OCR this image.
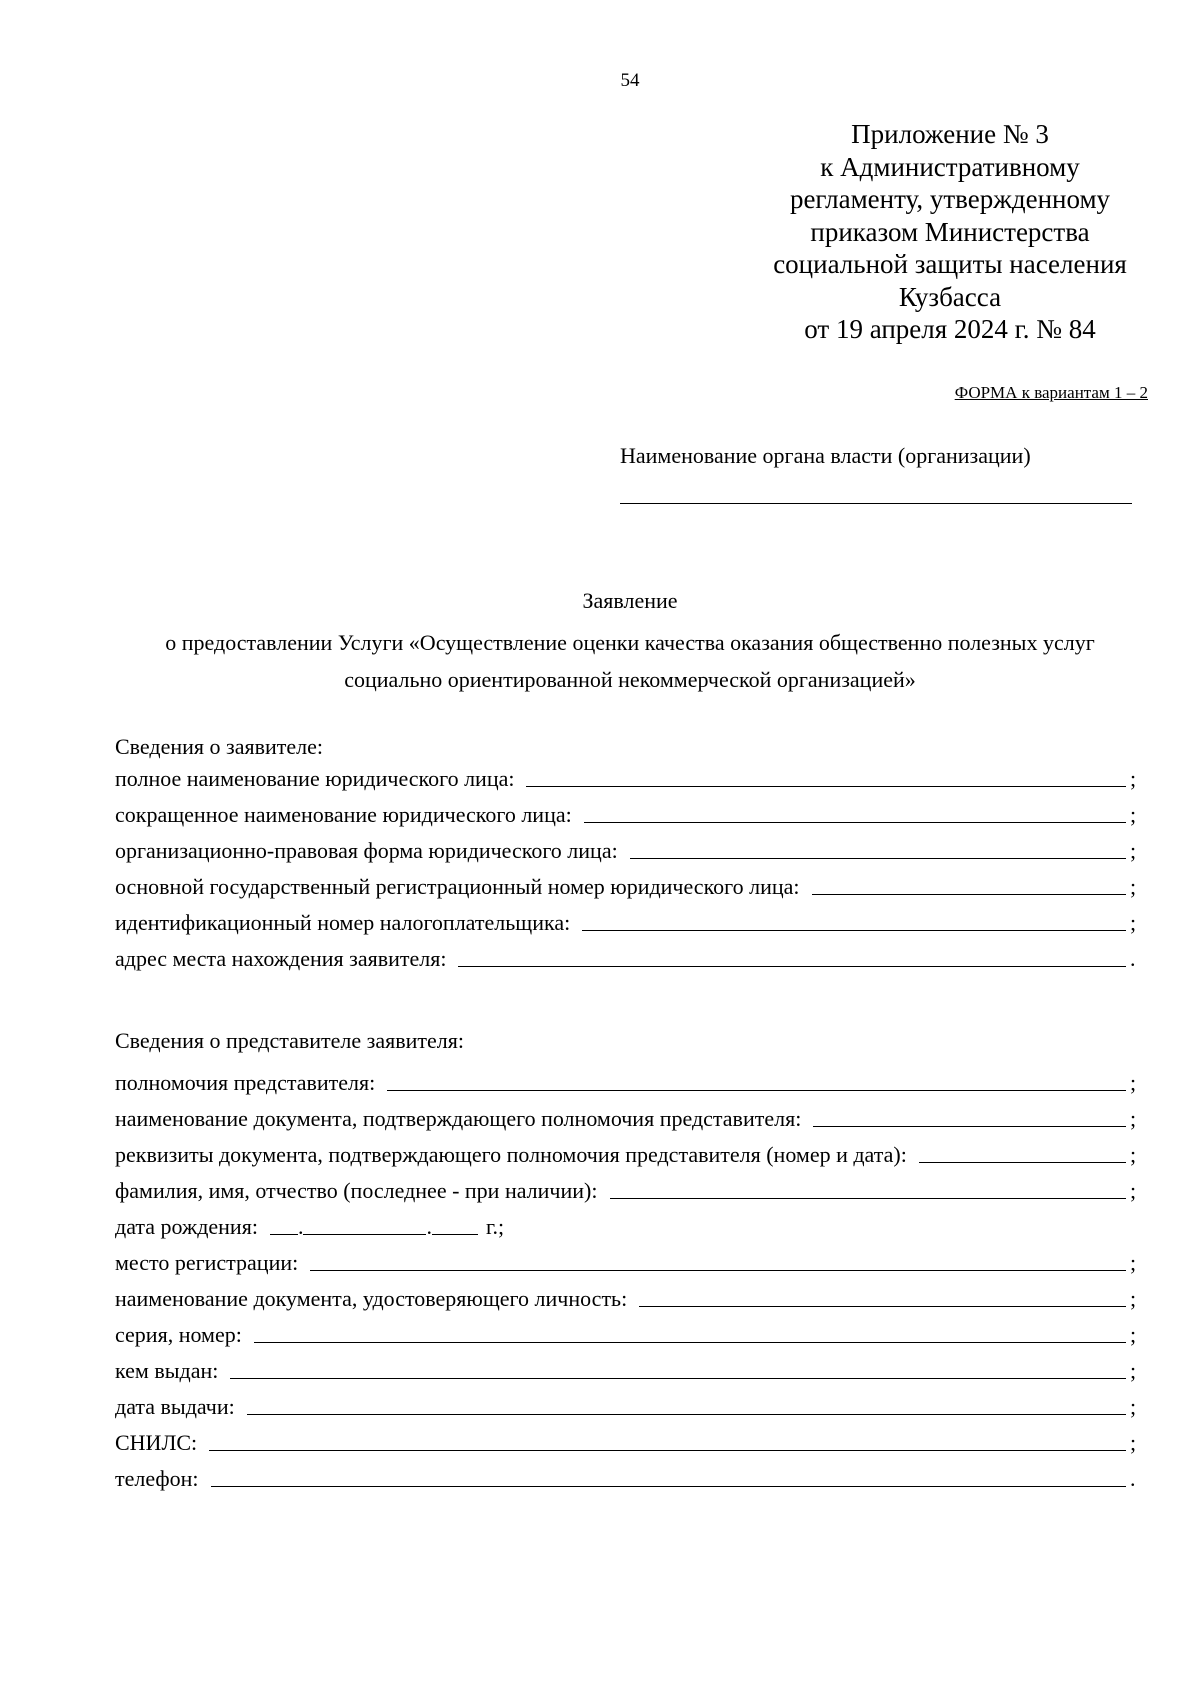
54
Приложение № 3
к Административному
регламенту, утвержденному
приказом Министерства
социальной защиты населения
Кузбасса
от 19 апреля 2024 г. № 84
ФОРМА к вариантам 1 – 2
Наименование органа власти (организации)
Заявление
о предоставлении Услуги «Осуществление оценки качества оказания общественно полезных услуг
социально ориентированной некоммерческой организацией»
Сведения о заявителе:
полное наименование юридического лица:	;
сокращенное наименование юридического лица:	;
организационно-правовая форма юридического лица:	;
основной государственный регистрационный номер юридического лица:	;
идентификационный номер налогоплательщика:	;
адрес места нахождения заявителя:	.
Сведения о представителе заявителя:
полномочия представителя:	;
наименование документа, подтверждающего полномочия представителя:	;
реквизиты документа, подтверждающего полномочия представителя (номер и дата):	;
фамилия, имя, отчество (последнее - при наличии):	;
дата рождения: .	. г.;
место регистрации:	;
наименование документа, удостоверяющего личность:	;
серия, номер:	;
кем выдан:	;
дата выдачи:	;
СНИЛС:	;
телефон:	.
